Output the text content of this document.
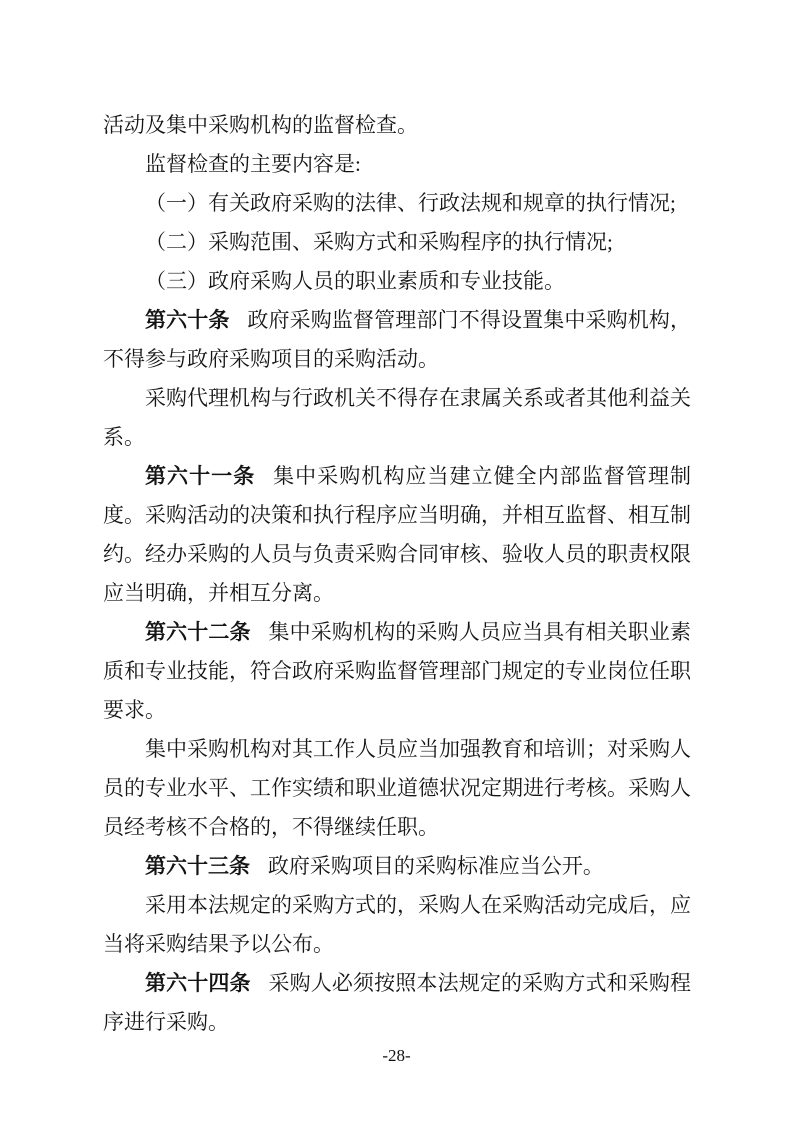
活动及集中采购机构的监督检查。

监督检查的主要内容是:

（一）有关政府采购的法律、行政法规和规章的执行情况;

（二）采购范围、采购方式和采购程序的执行情况;

（三）政府采购人员的职业素质和专业技能。

第六十条 政府采购监督管理部门不得设置集中采购机构，不得参与政府采购项目的采购活动。

采购代理机构与行政机关不得存在隶属关系或者其他利益关系。

第六十一条 集中采购机构应当建立健全内部监督管理制度。采购活动的决策和执行程序应当明确，并相互监督、相互制约。经办采购的人员与负责采购合同审核、验收人员的职责权限应当明确，并相互分离。

第六十二条 集中采购机构的采购人员应当具有相关职业素质和专业技能，符合政府采购监督管理部门规定的专业岗位任职要求。

集中采购机构对其工作人员应当加强教育和培训；对采购人员的专业水平、工作实绩和职业道德状况定期进行考核。采购人员经考核不合格的，不得继续任职。

第六十三条 政府采购项目的采购标准应当公开。

采用本法规定的采购方式的，采购人在采购活动完成后，应当将采购结果予以公布。

第六十四条 采购人必须按照本法规定的采购方式和采购程序进行采购。

-28-
